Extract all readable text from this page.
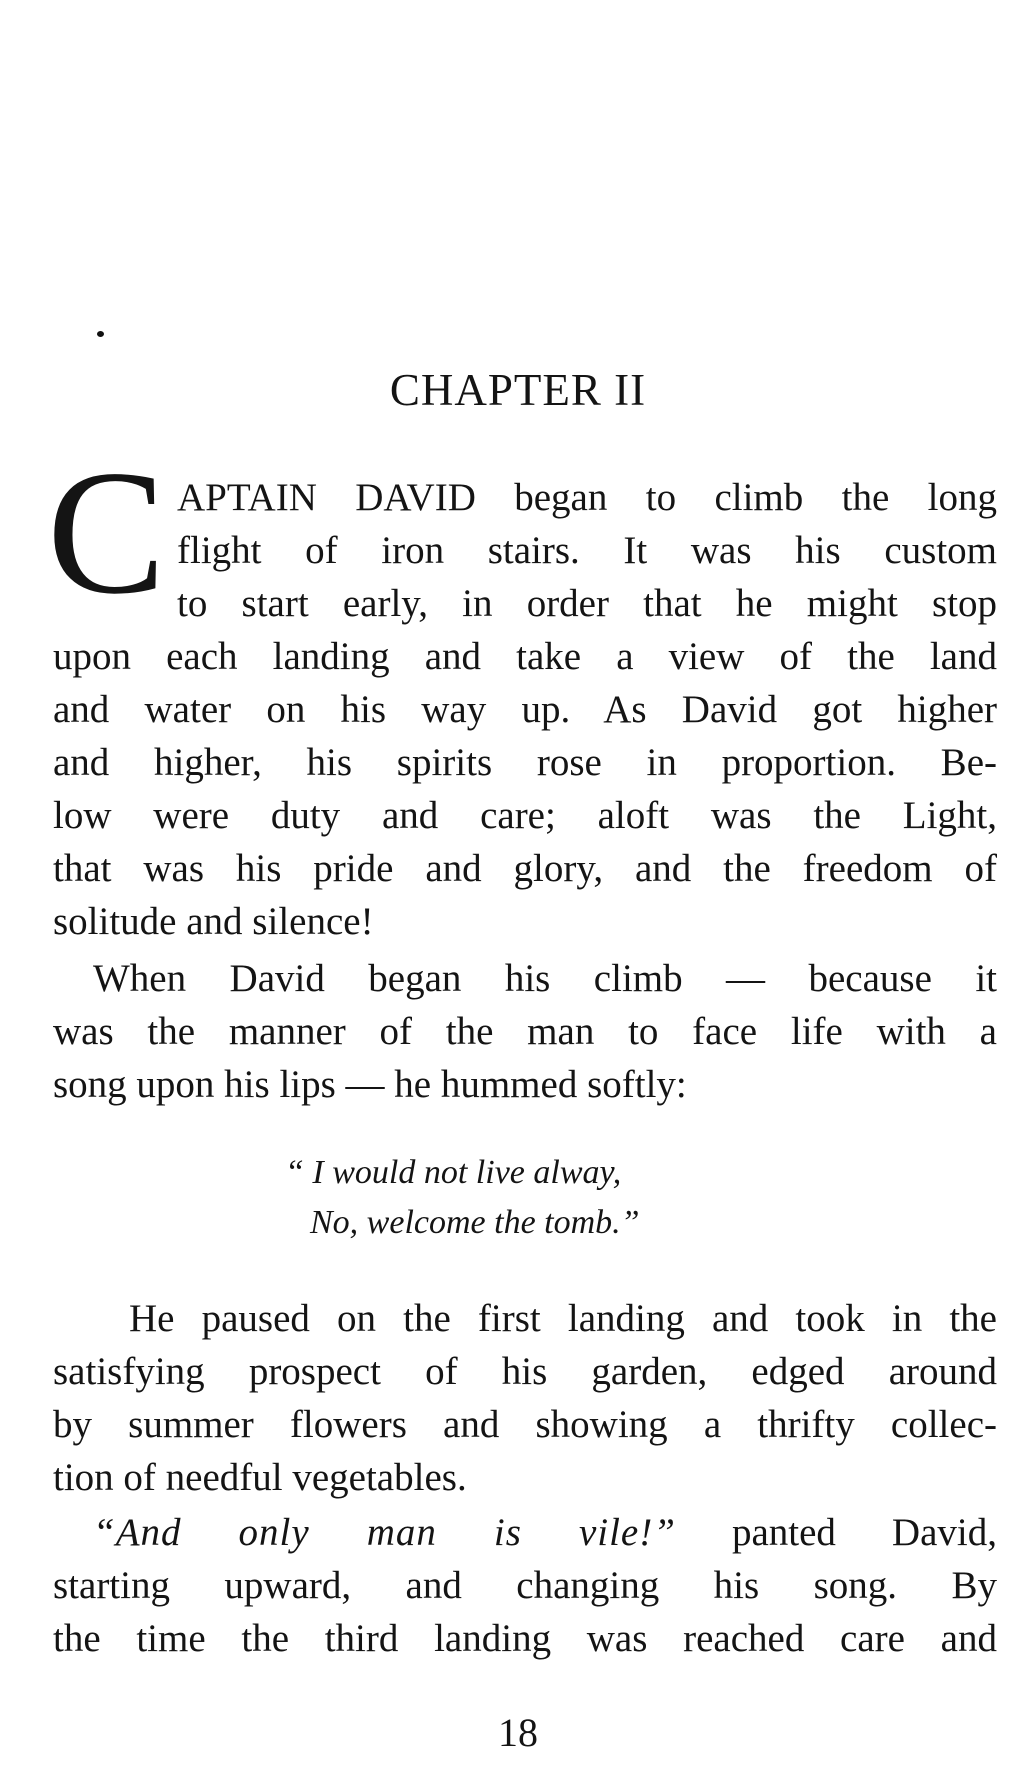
CHAPTER II
C APTAIN DAVID began to climb the long
flight of iron stairs. It was his custom
to start early, in order that he might stop
upon each landing and take a view of the land
and water on his way up. As David got higher
and higher, his spirits rose in proportion. Be-
low were duty and care; aloft was the Light,
that was his pride and glory, and the freedom of
solitude and silence!
When David began his climb — because it
was the manner of the man to face life with a
song upon his lips — he hummed softly:
“ I would not live alway,
No, welcome the tomb.”
He paused on the first landing and took in the
satisfying prospect of his garden, edged around
by summer flowers and showing a thrifty collec-
tion of needful vegetables.
“And only man is vile!” panted David,
starting upward, and changing his song. By
the time the third landing was reached care and
18
